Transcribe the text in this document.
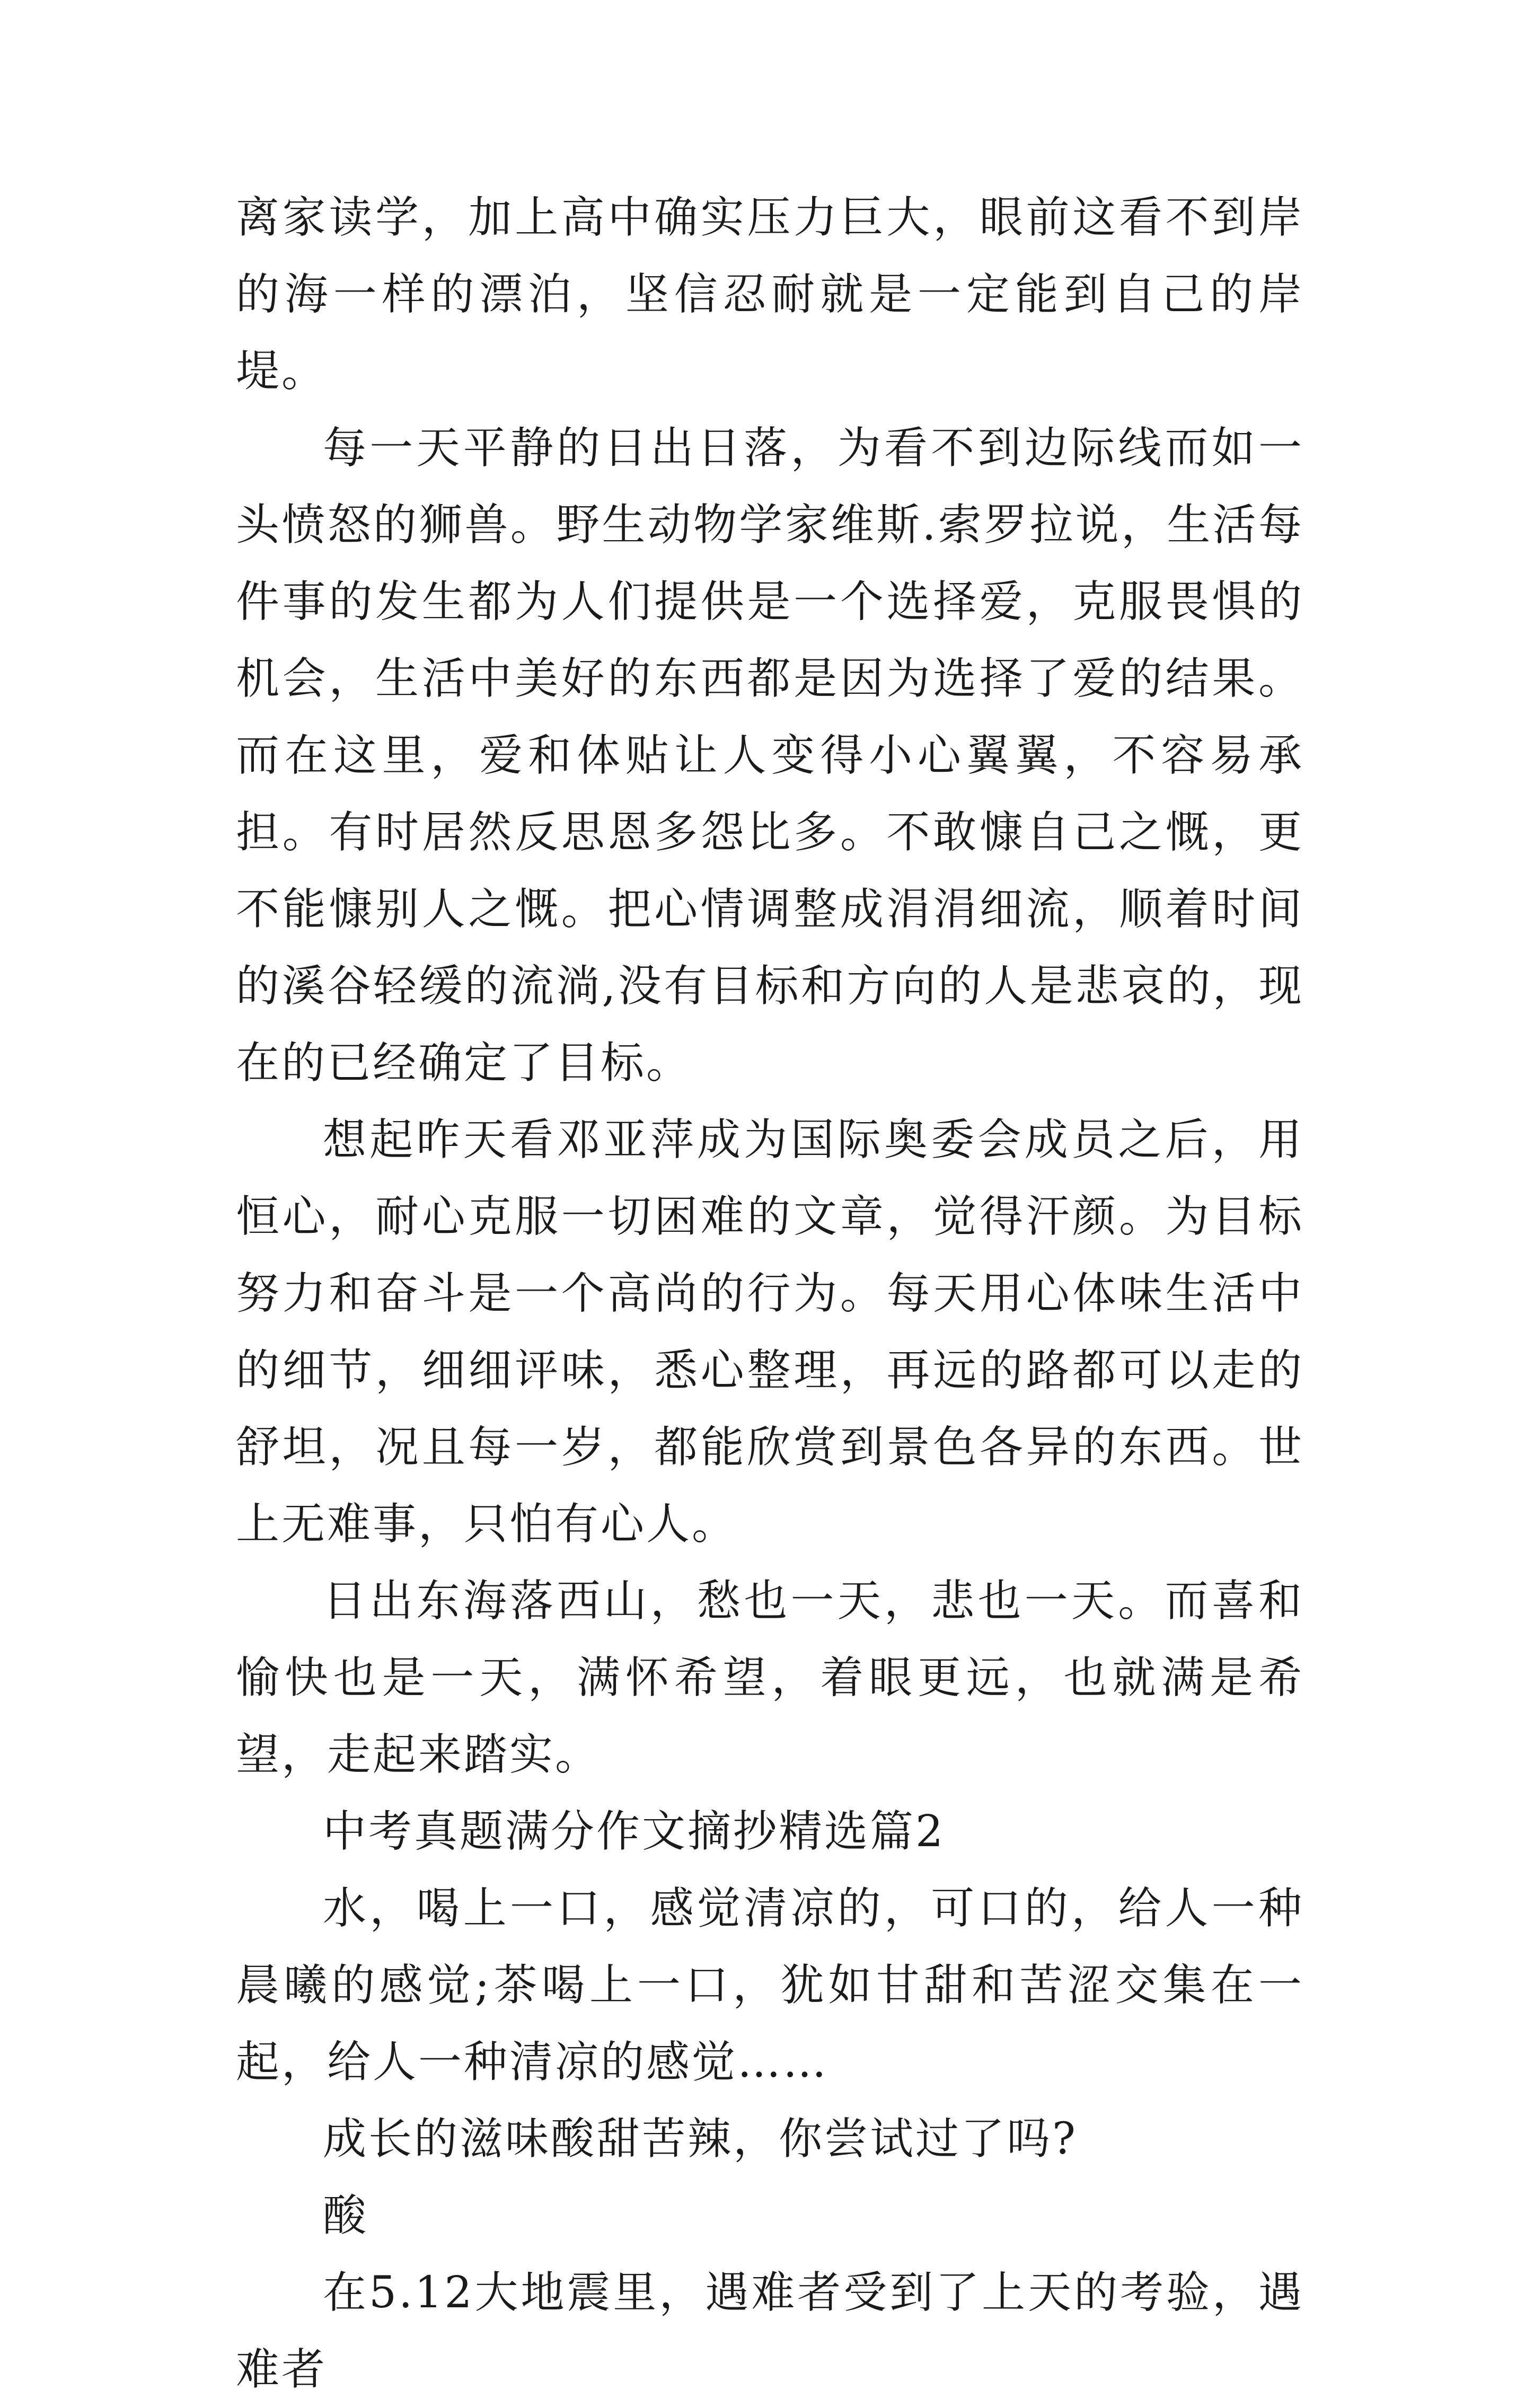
离家读学，加上高中确实压力巨大，眼前这看不到岸的海一样的漂泊，坚信忍耐就是一定能到自己的岸堤。

每一天平静的日出日落，为看不到边际线而如一头愤怒的狮兽。野生动物学家维斯.索罗拉说，生活每件事的发生都为人们提供是一个选择爱，克服畏惧的机会，生活中美好的东西都是因为选择了爱的结果。而在这里，爱和体贴让人变得小心翼翼，不容易承担。有时居然反思恩多怨比多。不敢慷自己之慨，更不能慷别人之慨。把心情调整成涓涓细流，顺着时间的溪谷轻缓的流淌,没有目标和方向的人是悲哀的，现在的已经确定了目标。

想起昨天看邓亚萍成为国际奥委会成员之后，用恒心，耐心克服一切困难的文章，觉得汗颜。为目标努力和奋斗是一个高尚的行为。每天用心体味生活中的细节，细细评味，悉心整理，再远的路都可以走的舒坦，况且每一岁，都能欣赏到景色各异的东西。世上无难事，只怕有心人。

日出东海落西山，愁也一天，悲也一天。而喜和愉快也是一天，满怀希望，着眼更远，也就满是希望，走起来踏实。

中考真题满分作文摘抄精选篇2

水，喝上一口，感觉清凉的，可口的，给人一种晨曦的感觉;茶喝上一口，犹如甘甜和苦涩交集在一起，给人一种清凉的感觉……

成长的滋味酸甜苦辣，你尝试过了吗?

酸

在5.12大地震里，遇难者受到了上天的考验，遇难者
